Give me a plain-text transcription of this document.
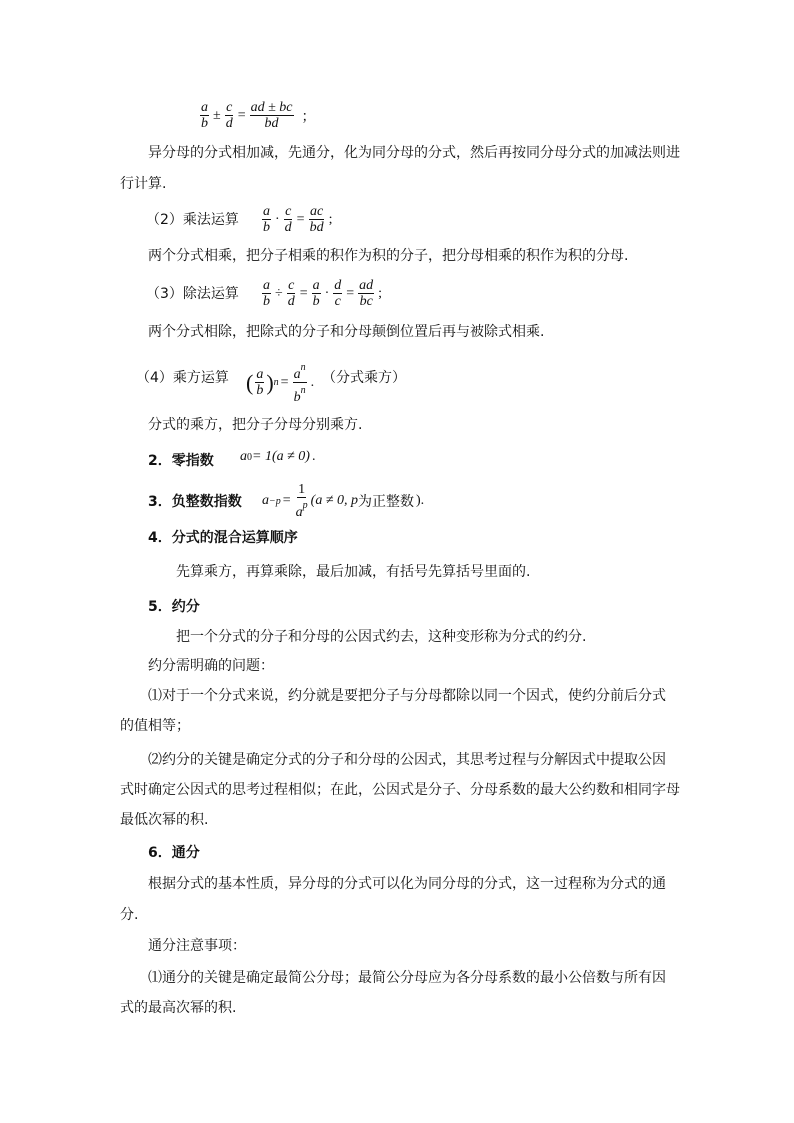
$\frac{a}{b} \pm \frac{c}{d} = \frac{ad \pm bc}{bd}$ ；
异分母的分式相加减，先通分，化为同分母的分式，然后再按同分母分式的加减法则进
行计算.
（2）乘法运算 $\frac{a}{b} \cdot \frac{c}{d} = \frac{ac}{bd}$ ;
两个分式相乘，把分子相乘的积作为积的分子，把分母相乘的积作为积的分母.
（3）除法运算 $\frac{a}{b} \div \frac{c}{d} = \frac{a}{b} \cdot \frac{d}{c} = \frac{ad}{bc}$ ;
两个分式相除，把除式的分子和分母颠倒位置后再与被除式相乘.
（4）乘方运算 ( $\frac{a}{b}$ ) $n = \frac{a^n}{b^n}$ . （分式乘方）
分式的乘方，把分子分母分别乘方.
2．零指数 a 0 = 1(a ≠ 0) .
3．负整数指数 $a -p = \frac{1}{a^p} (a \ne 0$, p 为正整数 ).
4．分式的混合运算顺序
先算乘方，再算乘除，最后加减，有括号先算括号里面的.
5．约分
把一个分式的分子和分母的公因式约去，这种变形称为分式的约分.
约分需明确的问题：
⑴对于一个分式来说，约分就是要把分子与分母都除以同一个因式，使约分前后分式
的值相等；
⑵约分的关键是确定分式的分子和分母的公因式，其思考过程与分解因式中提取公因
式时确定公因式的思考过程相似；在此，公因式是分子、分母系数的最大公约数和相同字母
最低次幂的积.
6．通分
根据分式的基本性质，异分母的分式可以化为同分母的分式，这一过程称为分式的通
分.
通分注意事项：
⑴通分的关键是确定最简公分母；最简公分母应为各分母系数的最小公倍数与所有因
式的最高次幂的积.
